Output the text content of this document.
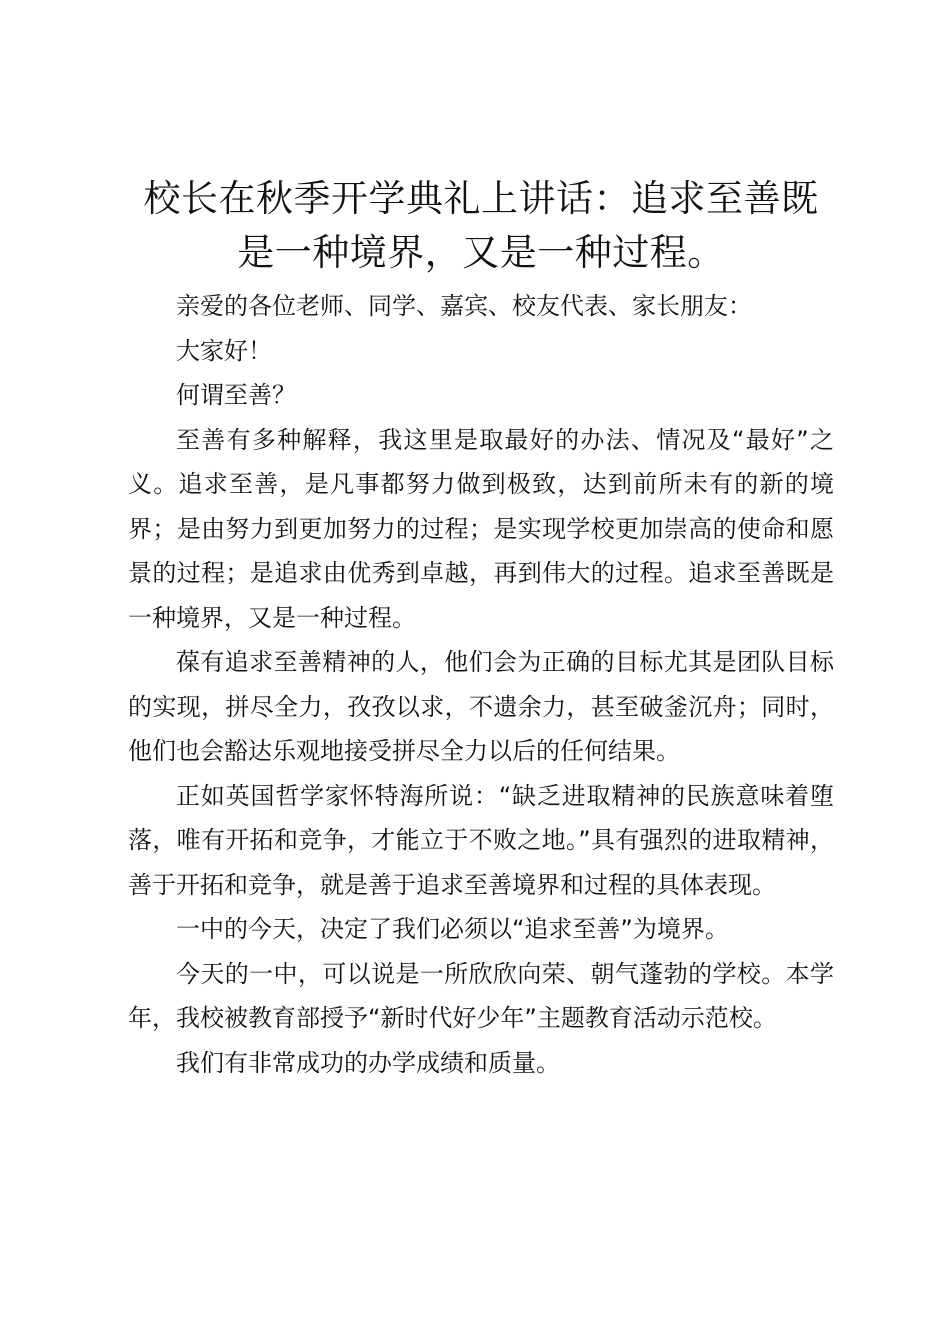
校长在秋季开学典礼上讲话：追求至善既是一种境界，又是一种过程。

亲爱的各位老师、同学、嘉宾、校友代表、家长朋友：

大家好！

何谓至善？

至善有多种解释，我这里是取最好的办法、情况及“最好”之义。追求至善，是凡事都努力做到极致，达到前所未有的新的境界；是由努力到更加努力的过程；是实现学校更加崇高的使命和愿景的过程；是追求由优秀到卓越，再到伟大的过程。追求至善既是一种境界，又是一种过程。

葆有追求至善精神的人，他们会为正确的目标尤其是团队目标的实现，拼尽全力，孜孜以求，不遗余力，甚至破釜沉舟；同时，他们也会豁达乐观地接受拼尽全力以后的任何结果。

正如英国哲学家怀特海所说：“缺乏进取精神的民族意味着堕落，唯有开拓和竞争，才能立于不败之地。”具有强烈的进取精神，善于开拓和竞争，就是善于追求至善境界和过程的具体表现。

一中的今天，决定了我们必须以“追求至善”为境界。

今天的一中，可以说是一所欣欣向荣、朝气蓬勃的学校。本学年，我校被教育部授予“新时代好少年”主题教育活动示范校。

我们有非常成功的办学成绩和质量。
